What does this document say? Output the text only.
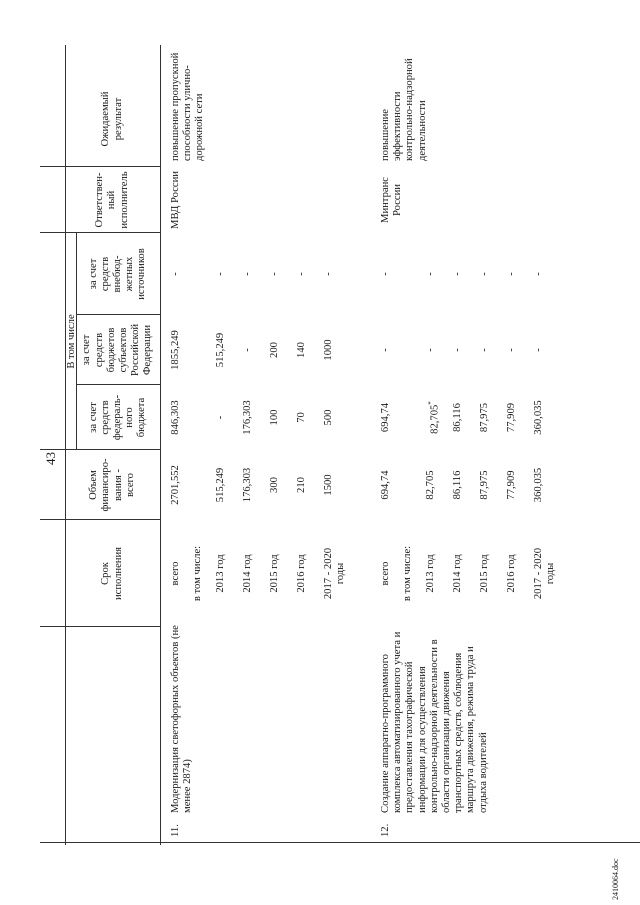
43
Срок исполнения
Объем финансиро- вания - всего
В том числе
за счет средств федераль- ного бюджета
за счет средств бюджетов субъектов Российской Федерации
за счет средств внебюд- жетных источников
Ответствен- ный исполнитель
Ожидаемый результат
11.
Модернизация светофорных объектов (не менее 2874)
МВД России
повышение пропускной способности улично- дорожной сети
всего
2701,552
846,303
1855,249
-
в том числе: 2013 год
515,249
-
515,249
-
2014 год
176,303
176,303
-
-
2015 год
300
100
200
-
2016 год
210
70
140
-
2017 - 2020 годы
1500
500
1000
-
12.
Создание аппаратно-программного комплекса автоматизированного учета и предоставления тахографической информации для осуществления контрольно-надзорной деятельности в области организации движения транспортных средств, соблюдения маршрута движения, режима труда и отдыха водителей
Минтранс России
повышение эффективности контрольно-надзорной деятельности
всего
694,74
694,74
-
-
в том числе: 2013 год
82,705
82,705*
-
-
2014 год
86,116
86,116
-
-
2015 год
87,975
87,975
-
-
2016 год
77,909
77,909
-
-
2017 - 2020 годы
360,035
360,035
-
-
2410064.doc
